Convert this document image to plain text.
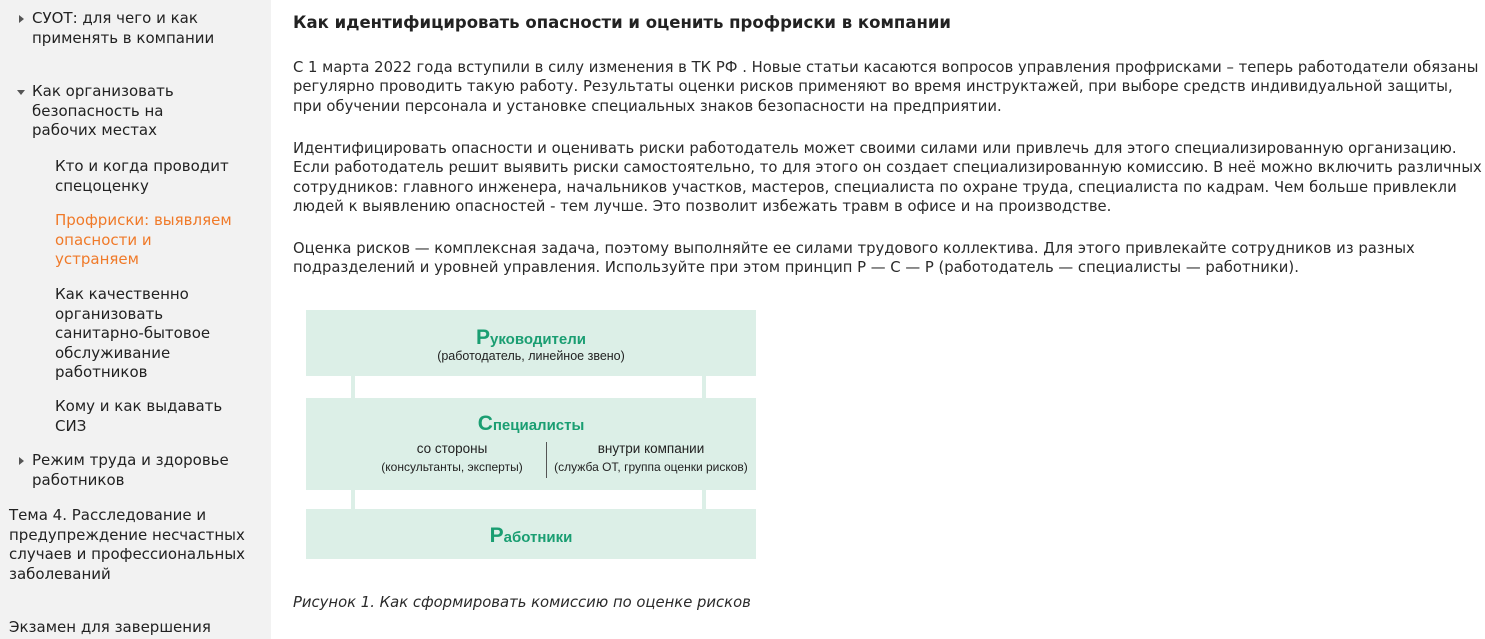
СУОТ: для чего и как применять в компании
Как организовать безопасность на рабочих местах
Кто и когда проводит спецоценку
Профриски: выявляем опасности и устраняем
Как качественно организовать санитарно-бытовое обслуживание работников
Кому и как выдавать СИЗ
Режим труда и здоровье работников
Тема 4. Расследование и предупреждение несчастных случаев и профессиональных заболеваний
Экзамен для завершения
Как идентифицировать опасности и оценить профриски в компании

С 1 марта 2022 года вступили в силу изменения в ТК РФ . Новые статьи касаются вопросов управления профрисками – теперь работодатели обязаны регулярно проводить такую работу. Результаты оценки рисков применяют во время инструктажей, при выборе средств индивидуальной защиты, при обучении персонала и установке специальных знаков безопасности на предприятии.

Идентифицировать опасности и оценивать риски работодатель может своими силами или привлечь для этого специализированную организацию. Если работодатель решит выявить риски самостоятельно, то для этого он создает специализированную комиссию. В неё можно включить различных сотрудников: главного инженера, начальников участков, мастеров, специалиста по охране труда, специалиста по кадрам. Чем больше привлекли людей к выявлению опасностей - тем лучше. Это позволит избежать травм в офисе и на производстве.

Оценка рисков — комплексная задача, поэтому выполняйте ее силами трудового коллектива. Для этого привлекайте сотрудников из разных подразделений и уровней управления. Используйте при этом принцип Р — С — Р (работодатель — специалисты — работники).

Руководители
(работодатель, линейное звено)
Специалисты
со стороны
(консультанты, эксперты)
внутри компании
(служба ОТ, группа оценки рисков)
Работники

Рисунок 1. Как сформировать комиссию по оценке рисков
